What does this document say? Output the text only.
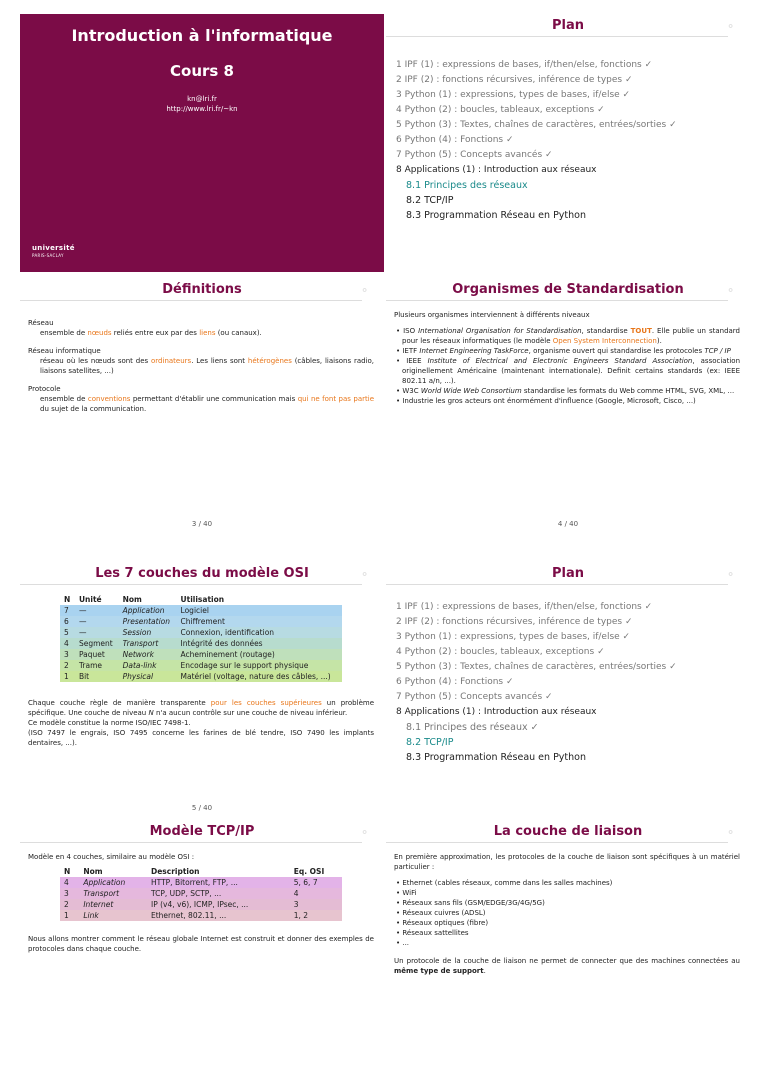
Introduction à l'informatique
Cours 8
kn@lri.fr
http://www.lri.fr/~kn
université
PARIS-SACLAY
Plan	⚬
1 IPF (1) : expressions de bases, if/then/else, fonctions ✓
2 IPF (2) : fonctions récursives, inférence de types ✓
3 Python (1) : expressions, types de bases, if/else ✓
4 Python (2) : boucles, tableaux, exceptions ✓
5 Python (3) : Textes, chaînes de caractères, entrées/sorties ✓
6 Python (4) : Fonctions ✓
7 Python (5) : Concepts avancés ✓
8 Applications (1) : Introduction aux réseaux
8.1 Principes des réseaux
8.2 TCP/IP
8.3 Programmation Réseau en Python
Définitions	⚬
Réseau
ensemble de nœuds reliés entre eux par des liens (ou canaux).
Réseau informatique
réseau où les nœuds sont des ordinateurs. Les liens sont hétérogènes (câbles, liaisons radio, liaisons satellites, ...)
Protocole
ensemble de conventions permettant d'établir une communication mais qui ne font pas partie du sujet de la communication.
3 / 40
Organismes de Standardisation	⚬
Plusieurs organismes interviennent à différents niveaux
• ISO International Organisation for Standardisation, standardise TOUT. Elle publie un standard pour les réseaux informatiques (le modèle Open System Interconnection).
• IETF Internet Engineering TaskForce, organisme ouvert qui standardise les protocoles TCP / IP
• IEEE Institute of Electrical and Electronic Engineers Standard Association, association originellement Américaine (maintenant internationale). Definit certains standards (ex: IEEE 802.11 a/n, ...).
• W3C World Wide Web Consortium standardise les formats du Web comme HTML, SVG, XML, ...
• Industrie les gros acteurs ont énormément d'influence (Google, Microsoft, Cisco, ...)
4 / 40
Les 7 couches du modèle OSI	⚬
N	Unité	Nom	Utilisation
7	—	Application	Logiciel
6	—	Presentation	Chiffrement
5	—	Session	Connexion, identification
4	Segment	Transport	Intégrité des données
3	Paquet	Network	Acheminement (routage)
2	Trame	Data-link	Encodage sur le support physique
1	Bit	Physical	Matériel (voltage, nature des câbles, ...)
Chaque couche règle de manière transparente pour les couches supérieures un problème spécifique. Une couche de niveau N n'a aucun contrôle sur une couche de niveau inférieur.
Ce modèle constitue la norme ISO/IEC 7498-1.
(ISO 7497 le engrais, ISO 7495 concerne les farines de blé tendre, ISO 7490 les implants dentaires, ...).
5 / 40
Plan	⚬
1 IPF (1) : expressions de bases, if/then/else, fonctions ✓
2 IPF (2) : fonctions récursives, inférence de types ✓
3 Python (1) : expressions, types de bases, if/else ✓
4 Python (2) : boucles, tableaux, exceptions ✓
5 Python (3) : Textes, chaînes de caractères, entrées/sorties ✓
6 Python (4) : Fonctions ✓
7 Python (5) : Concepts avancés ✓
8 Applications (1) : Introduction aux réseaux
8.1 Principes des réseaux ✓
8.2 TCP/IP
8.3 Programmation Réseau en Python
Modèle TCP/IP	⚬
Modèle en 4 couches, similaire au modèle OSI :
N	Nom	Description	Eq. OSI
4	Application	HTTP, Bitorrent, FTP, ...	5, 6, 7
3	Transport	TCP, UDP, SCTP, ...	4
2	Internet	IP (v4, v6), ICMP, IPsec, ...	3
1	Link	Ethernet, 802.11, ...	1, 2
Nous allons montrer comment le réseau globale Internet est construit et donner des exemples de protocoles dans chaque couche.
La couche de liaison	⚬
En première approximation, les protocoles de la couche de liaison sont spécifiques à un matériel particulier :
• Ethernet (cables réseaux, comme dans les salles machines)
• WiFi
• Réseaux sans fils (GSM/EDGE/3G/4G/5G)
• Réseaux cuivres (ADSL)
• Réseaux optiques (fibre)
• Réseaux sattellites
• ...
Un protocole de la couche de liaison ne permet de connecter que des machines connectées au même type de support.
